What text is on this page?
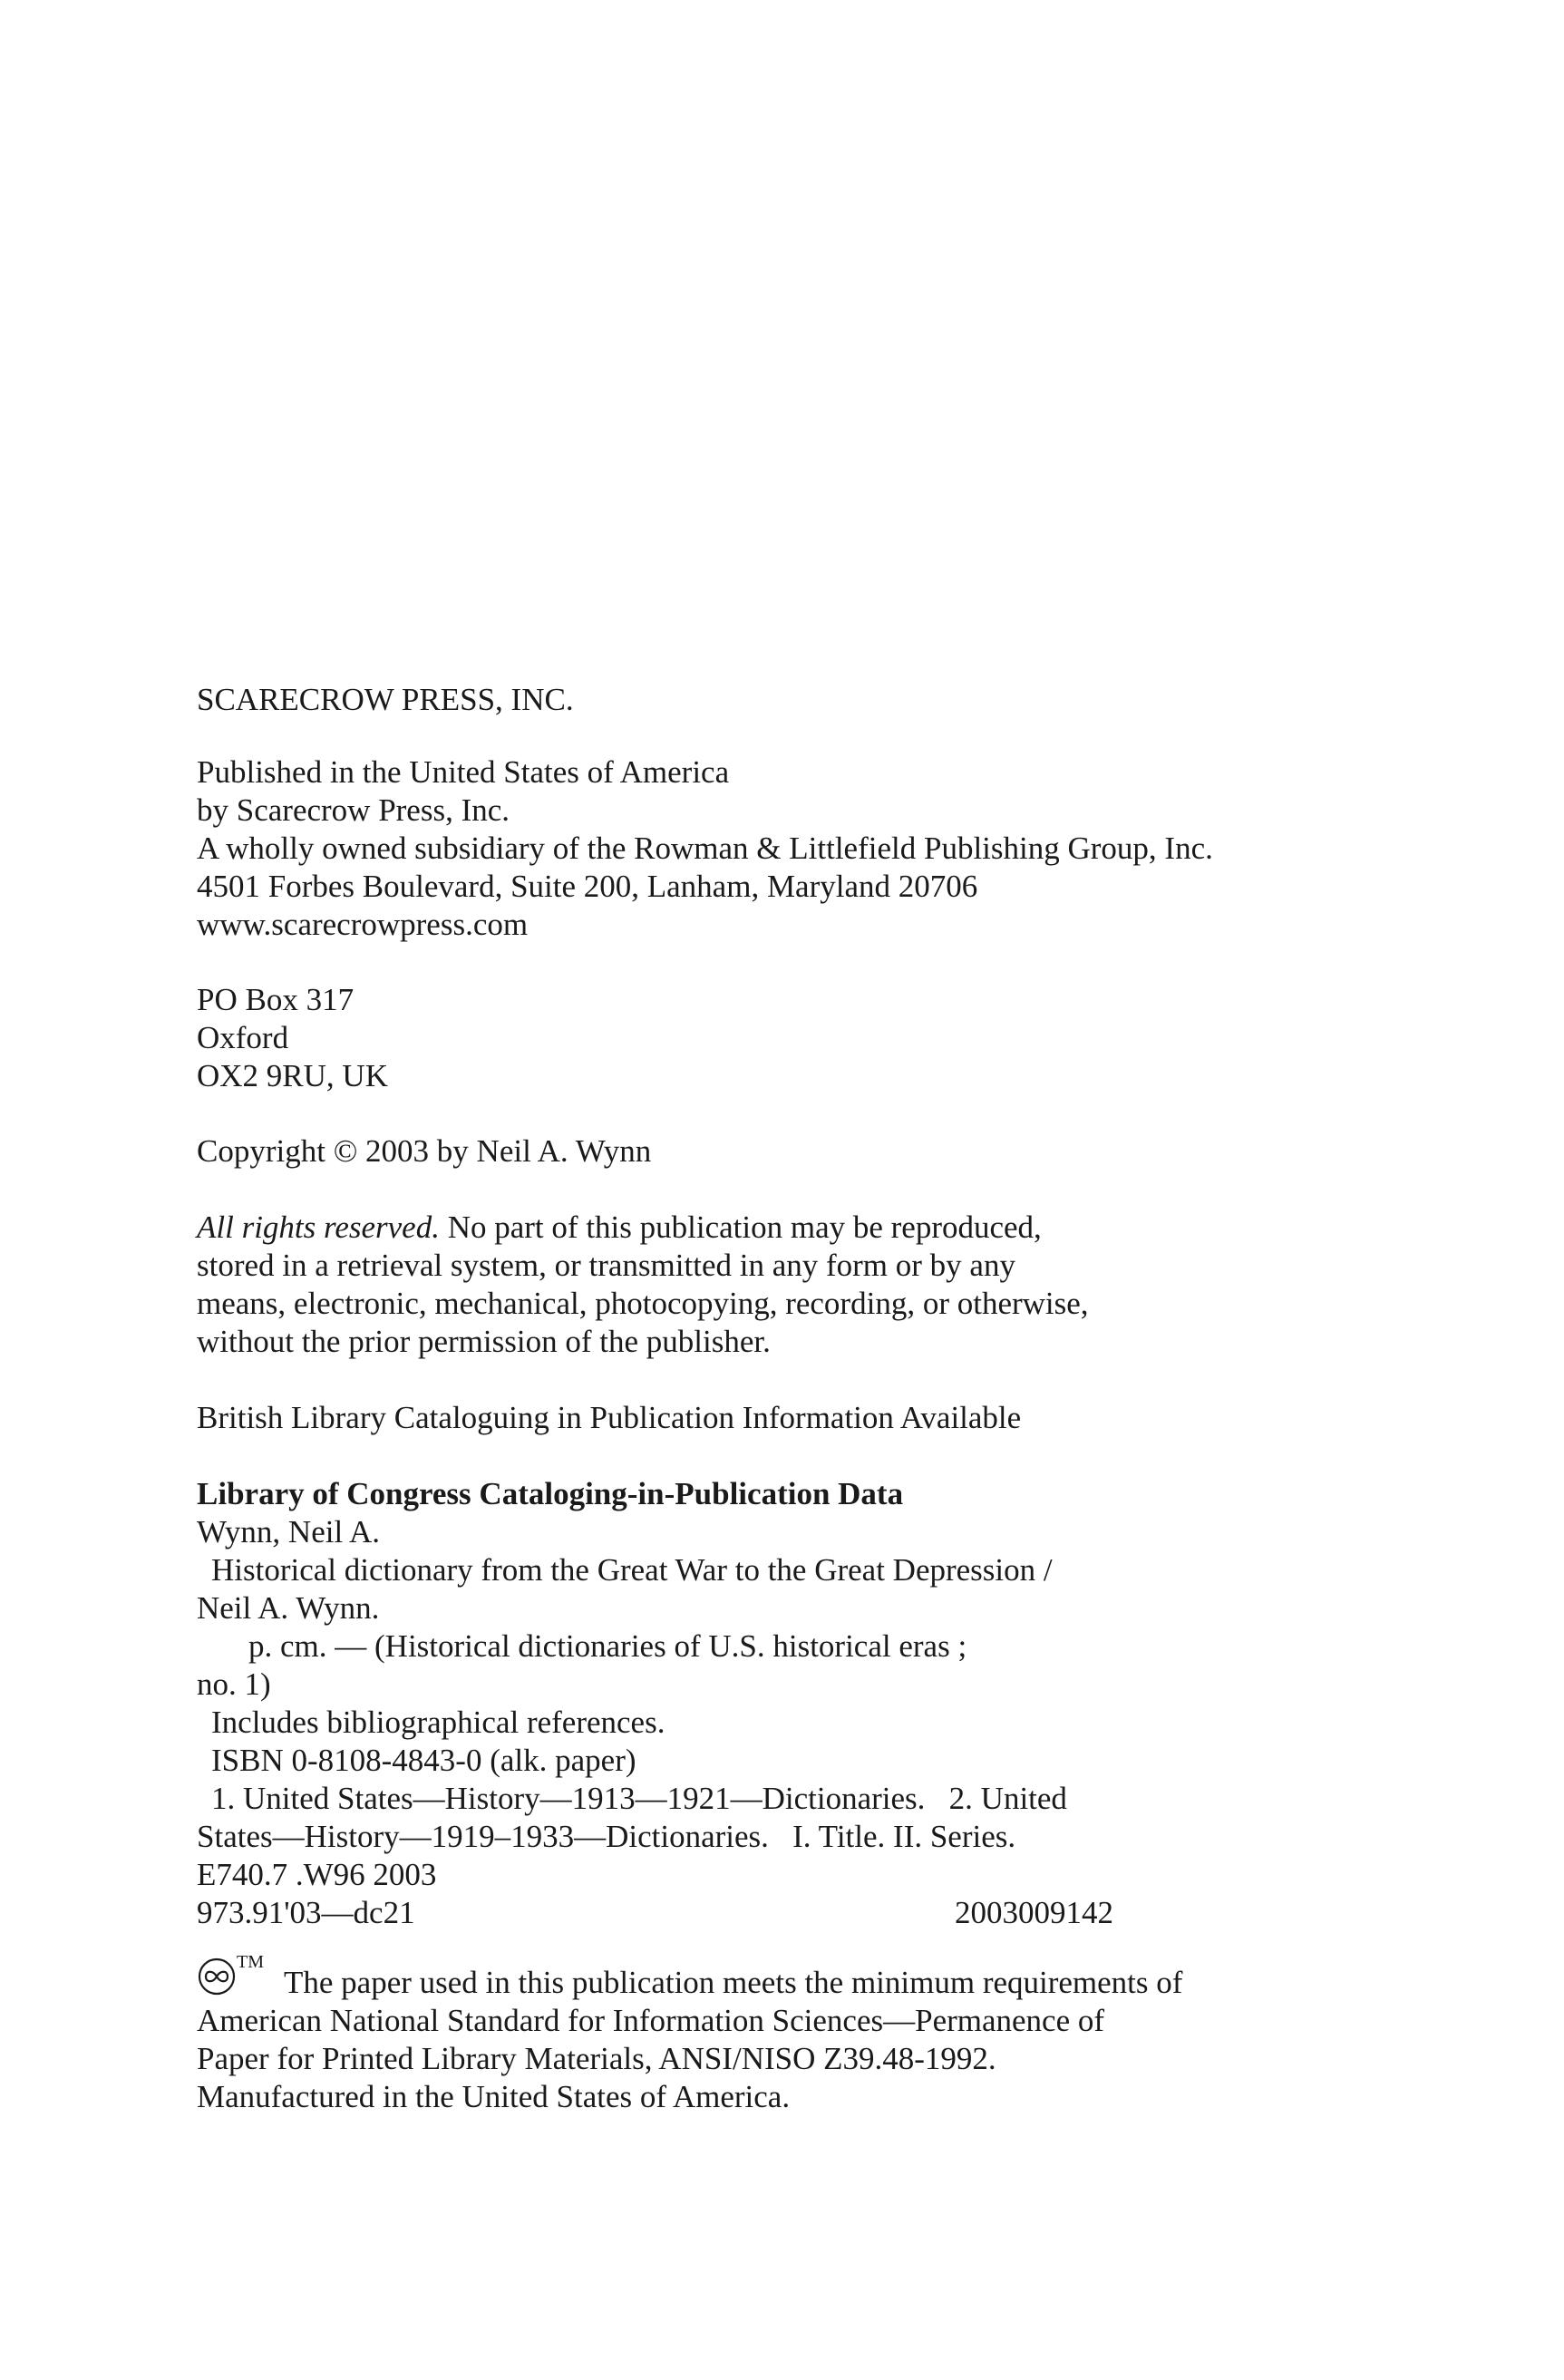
SCARECROW PRESS, INC.
Published in the United States of America
by Scarecrow Press, Inc.
A wholly owned subsidiary of the Rowman & Littlefield Publishing Group, Inc.
4501 Forbes Boulevard, Suite 200, Lanham, Maryland 20706
www.scarecrowpress.com
PO Box 317
Oxford
OX2 9RU, UK
Copyright © 2003 by Neil A. Wynn
All rights reserved. No part of this publication may be reproduced,
stored in a retrieval system, or transmitted in any form or by any
means, electronic, mechanical, photocopying, recording, or otherwise,
without the prior permission of the publisher.
British Library Cataloguing in Publication Information Available
Library of Congress Cataloging-in-Publication Data
Wynn, Neil A.
Historical dictionary from the Great War to the Great Depression /
Neil A. Wynn.
p. cm. — (Historical dictionaries of U.S. historical eras ;
no. 1)
Includes bibliographical references.
ISBN 0-8108-4843-0 (alk. paper)
1. United States—History—1913—1921—Dictionaries.   2. United
States—History—1919–1933—Dictionaries.   I. Title. II. Series.
E740.7 .W96 2003
973.91'03—dc21	2003009142
TM
The paper used in this publication meets the minimum requirements of
American National Standard for Information Sciences—Permanence of
Paper for Printed Library Materials, ANSI/NISO Z39.48-1992.
Manufactured in the United States of America.
